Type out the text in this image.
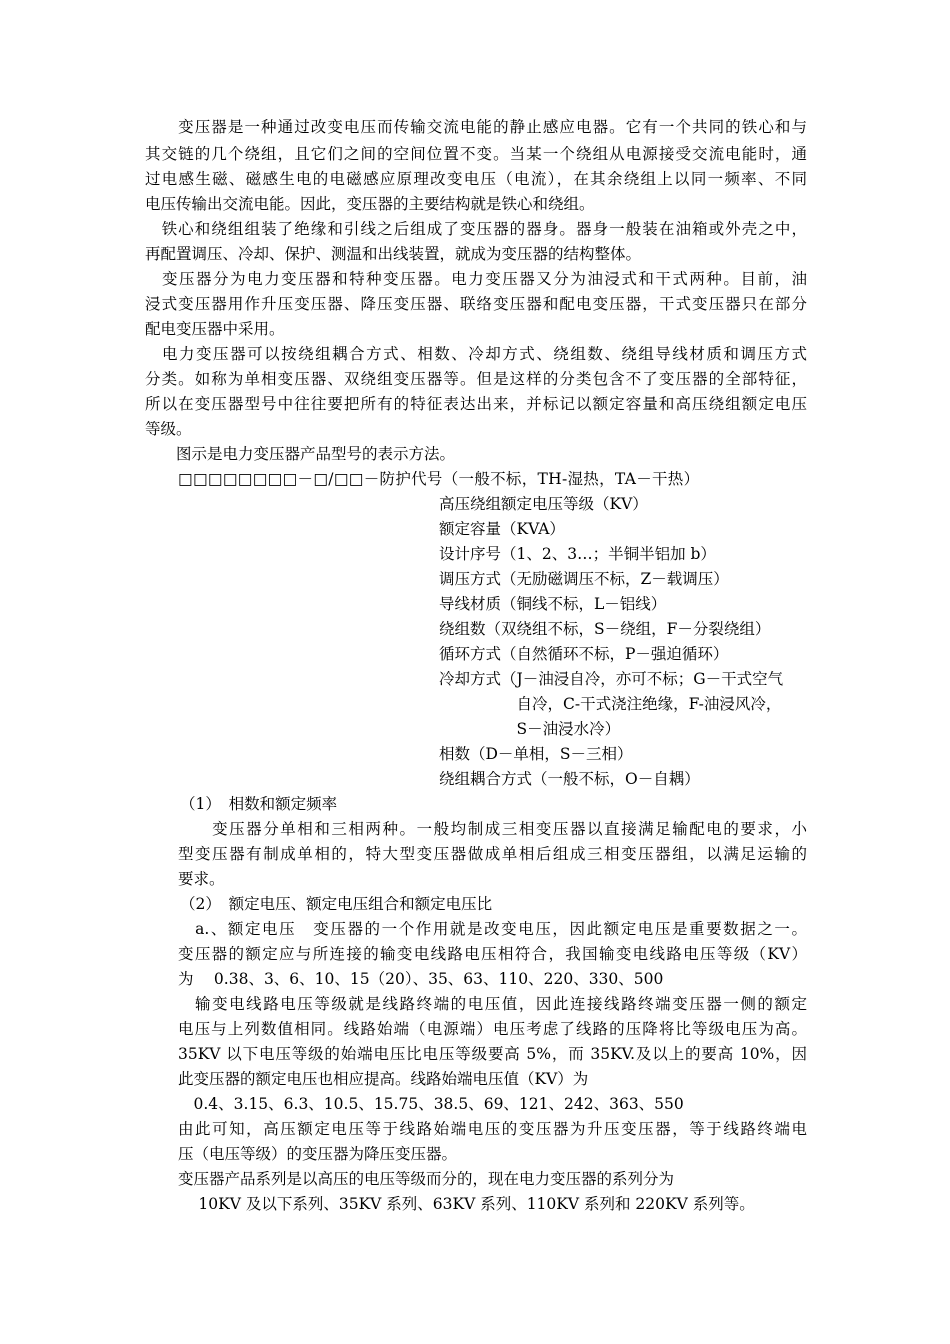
　　变压器是一种通过改变电压而传输交流电能的静止感应电器。它有一个共同的铁心和与
其交链的几个绕组，且它们之间的空间位置不变。当某一个绕组从电源接受交流电能时，通
过电感生磁、磁感生电的电磁感应原理改变电压（电流），在其余绕组上以同一频率、不同
电压传输出交流电能。因此，变压器的主要结构就是铁心和绕组。
　铁心和绕组组装了绝缘和引线之后组成了变压器的器身。器身一般装在油箱或外壳之中，
再配置调压、冷却、保护、测温和出线装置，就成为变压器的结构整体。
　变压器分为电力变压器和特种变压器。电力变压器又分为油浸式和干式两种。目前，油
浸式变压器用作升压变压器、降压变压器、联络变压器和配电变压器，干式变压器只在部分
配电变压器中采用。
　电力变压器可以按绕组耦合方式、相数、冷却方式、绕组数、绕组导线材质和调压方式
分类。如称为单相变压器、双绕组变压器等。但是这样的分类包含不了变压器的全部特征，
所以在变压器型号中往往要把所有的特征表达出来，并标记以额定容量和高压绕组额定电压
等级。
　　图示是电力变压器产品型号的表示方法。
□□□□□□□□－□/□□－防护代号（一般不标，TH-湿热，TA－干热）
高压绕组额定电压等级（KV）
额定容量（KVA）
设计序号（1、2、3…；半铜半铝加 b）
调压方式（无励磁调压不标，Z－载调压）
导线材质（铜线不标，L－铝线）
绕组数（双绕组不标，S－绕组，F－分裂绕组）
循环方式（自然循环不标，P－强迫循环）
冷却方式（J－油浸自冷，亦可不标；G－干式空气
　　　　　自冷，C-干式浇注绝缘，F-油浸风冷，
　　　　　S－油浸水冷）
相数（D－单相，S－三相）
绕组耦合方式（一般不标，O－自耦）
（1）　相数和额定频率
　　变压器分单相和三相两种。一般均制成三相变压器以直接满足输配电的要求，小
型变压器有制成单相的，特大型变压器做成单相后组成三相变压器组，以满足运输的
要求。
（2）　额定电压、额定电压组合和额定电压比
　a.、额定电压　变压器的一个作用就是改变电压，因此额定电压是重要数据之一。
变压器的额定应与所连接的输变电线路电压相符合，我国输变电线路电压等级（KV）
为　 0.38、3、6、10、15（20）、35、63、110、220、330、500
　输变电线路电压等级就是线路终端的电压值，因此连接线路终端变压器一侧的额定
电压与上列数值相同。线路始端（电源端）电压考虑了线路的压降将比等级电压为高。
35KV 以下电压等级的始端电压比电压等级要高 5%，而 35KV.及以上的要高 10%，因
此变压器的额定电压也相应提高。线路始端电压值（KV）为
　0.4、3.15、6.3、10.5、15.75、38.5、69、121、242、363、550
由此可知，高压额定电压等于线路始端电压的变压器为升压变压器，等于线路终端电
压（电压等级）的变压器为降压变压器。
变压器产品系列是以高压的电压等级而分的，现在电力变压器的系列分为
　 10KV 及以下系列、35KV 系列、63KV 系列、110KV 系列和 220KV 系列等。
